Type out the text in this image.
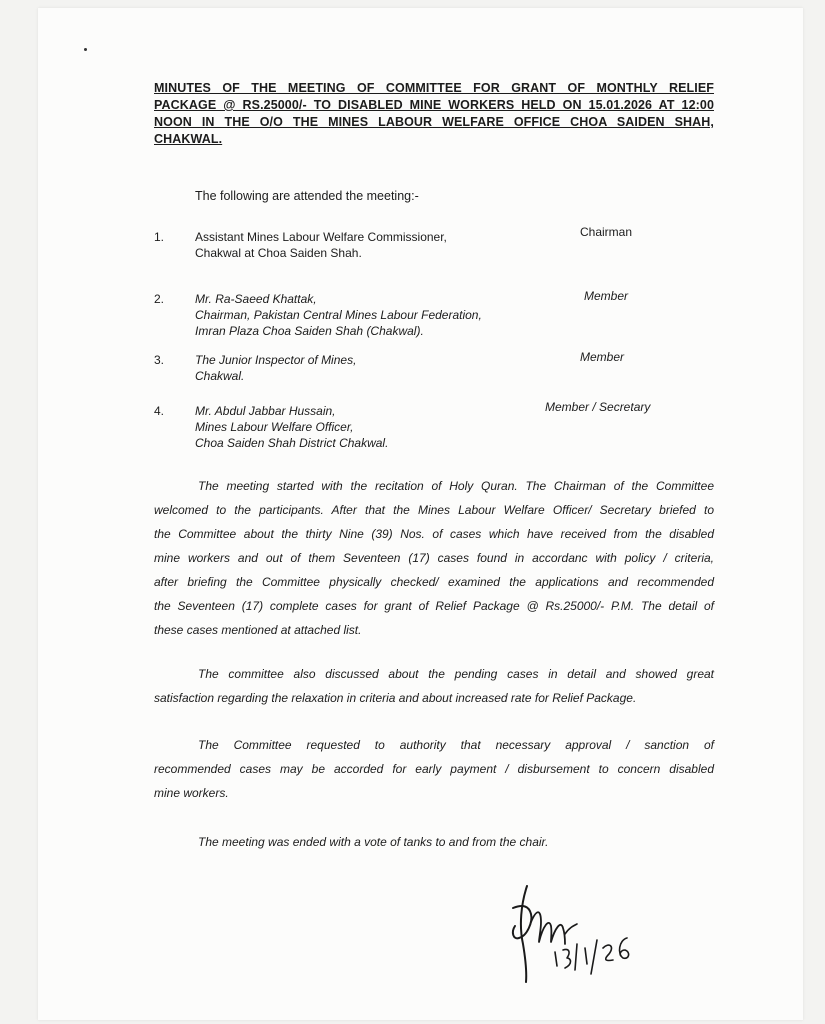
MINUTES OF THE MEETING OF COMMITTEE FOR GRANT OF MONTHLY RELIEF
PACKAGE @ RS.25000/- TO DISABLED MINE WORKERS HELD ON 15.01.2026 AT 12:00
NOON IN THE O/O THE MINES LABOUR WELFARE OFFICE CHOA SAIDEN SHAH,
CHAKWAL.

The following are attended the meeting:-

1.	Assistant Mines Labour Welfare Commissioner,
Chakwal at Choa Saiden Shah.
Chairman
2.	Mr. Ra-Saeed Khattak,
Chairman, Pakistan Central Mines Labour Federation,
Imran Plaza Choa Saiden Shah (Chakwal).
Member
3.	The Junior Inspector of Mines,
Chakwal.
Member
4.	Mr. Abdul Jabbar Hussain,
Mines Labour Welfare Officer,
Choa Saiden Shah District Chakwal.
Member / Secretary
The meeting started with the recitation of Holy Quran. The Chairman of the Committee
welcomed to the participants. After that the Mines Labour Welfare Officer/ Secretary briefed to
the Committee about the thirty Nine (39) Nos. of cases which have received from the disabled
mine workers and out of them Seventeen (17) cases found in accordanc with policy / criteria,
after briefing the Committee physically checked/ examined the applications and recommended
the Seventeen (17) complete cases for grant of Relief Package @ Rs.25000/- P.M. The detail of
these cases mentioned at attached list.
The committee also discussed about the pending cases in detail and showed great
satisfaction regarding the relaxation in criteria and about increased rate for Relief Package.
The Committee requested to authority that necessary approval / sanction of
recommended cases may be accorded for early payment / disbursement to concern disabled
mine workers.
The meeting was ended with a vote of tanks to and from the chair.
